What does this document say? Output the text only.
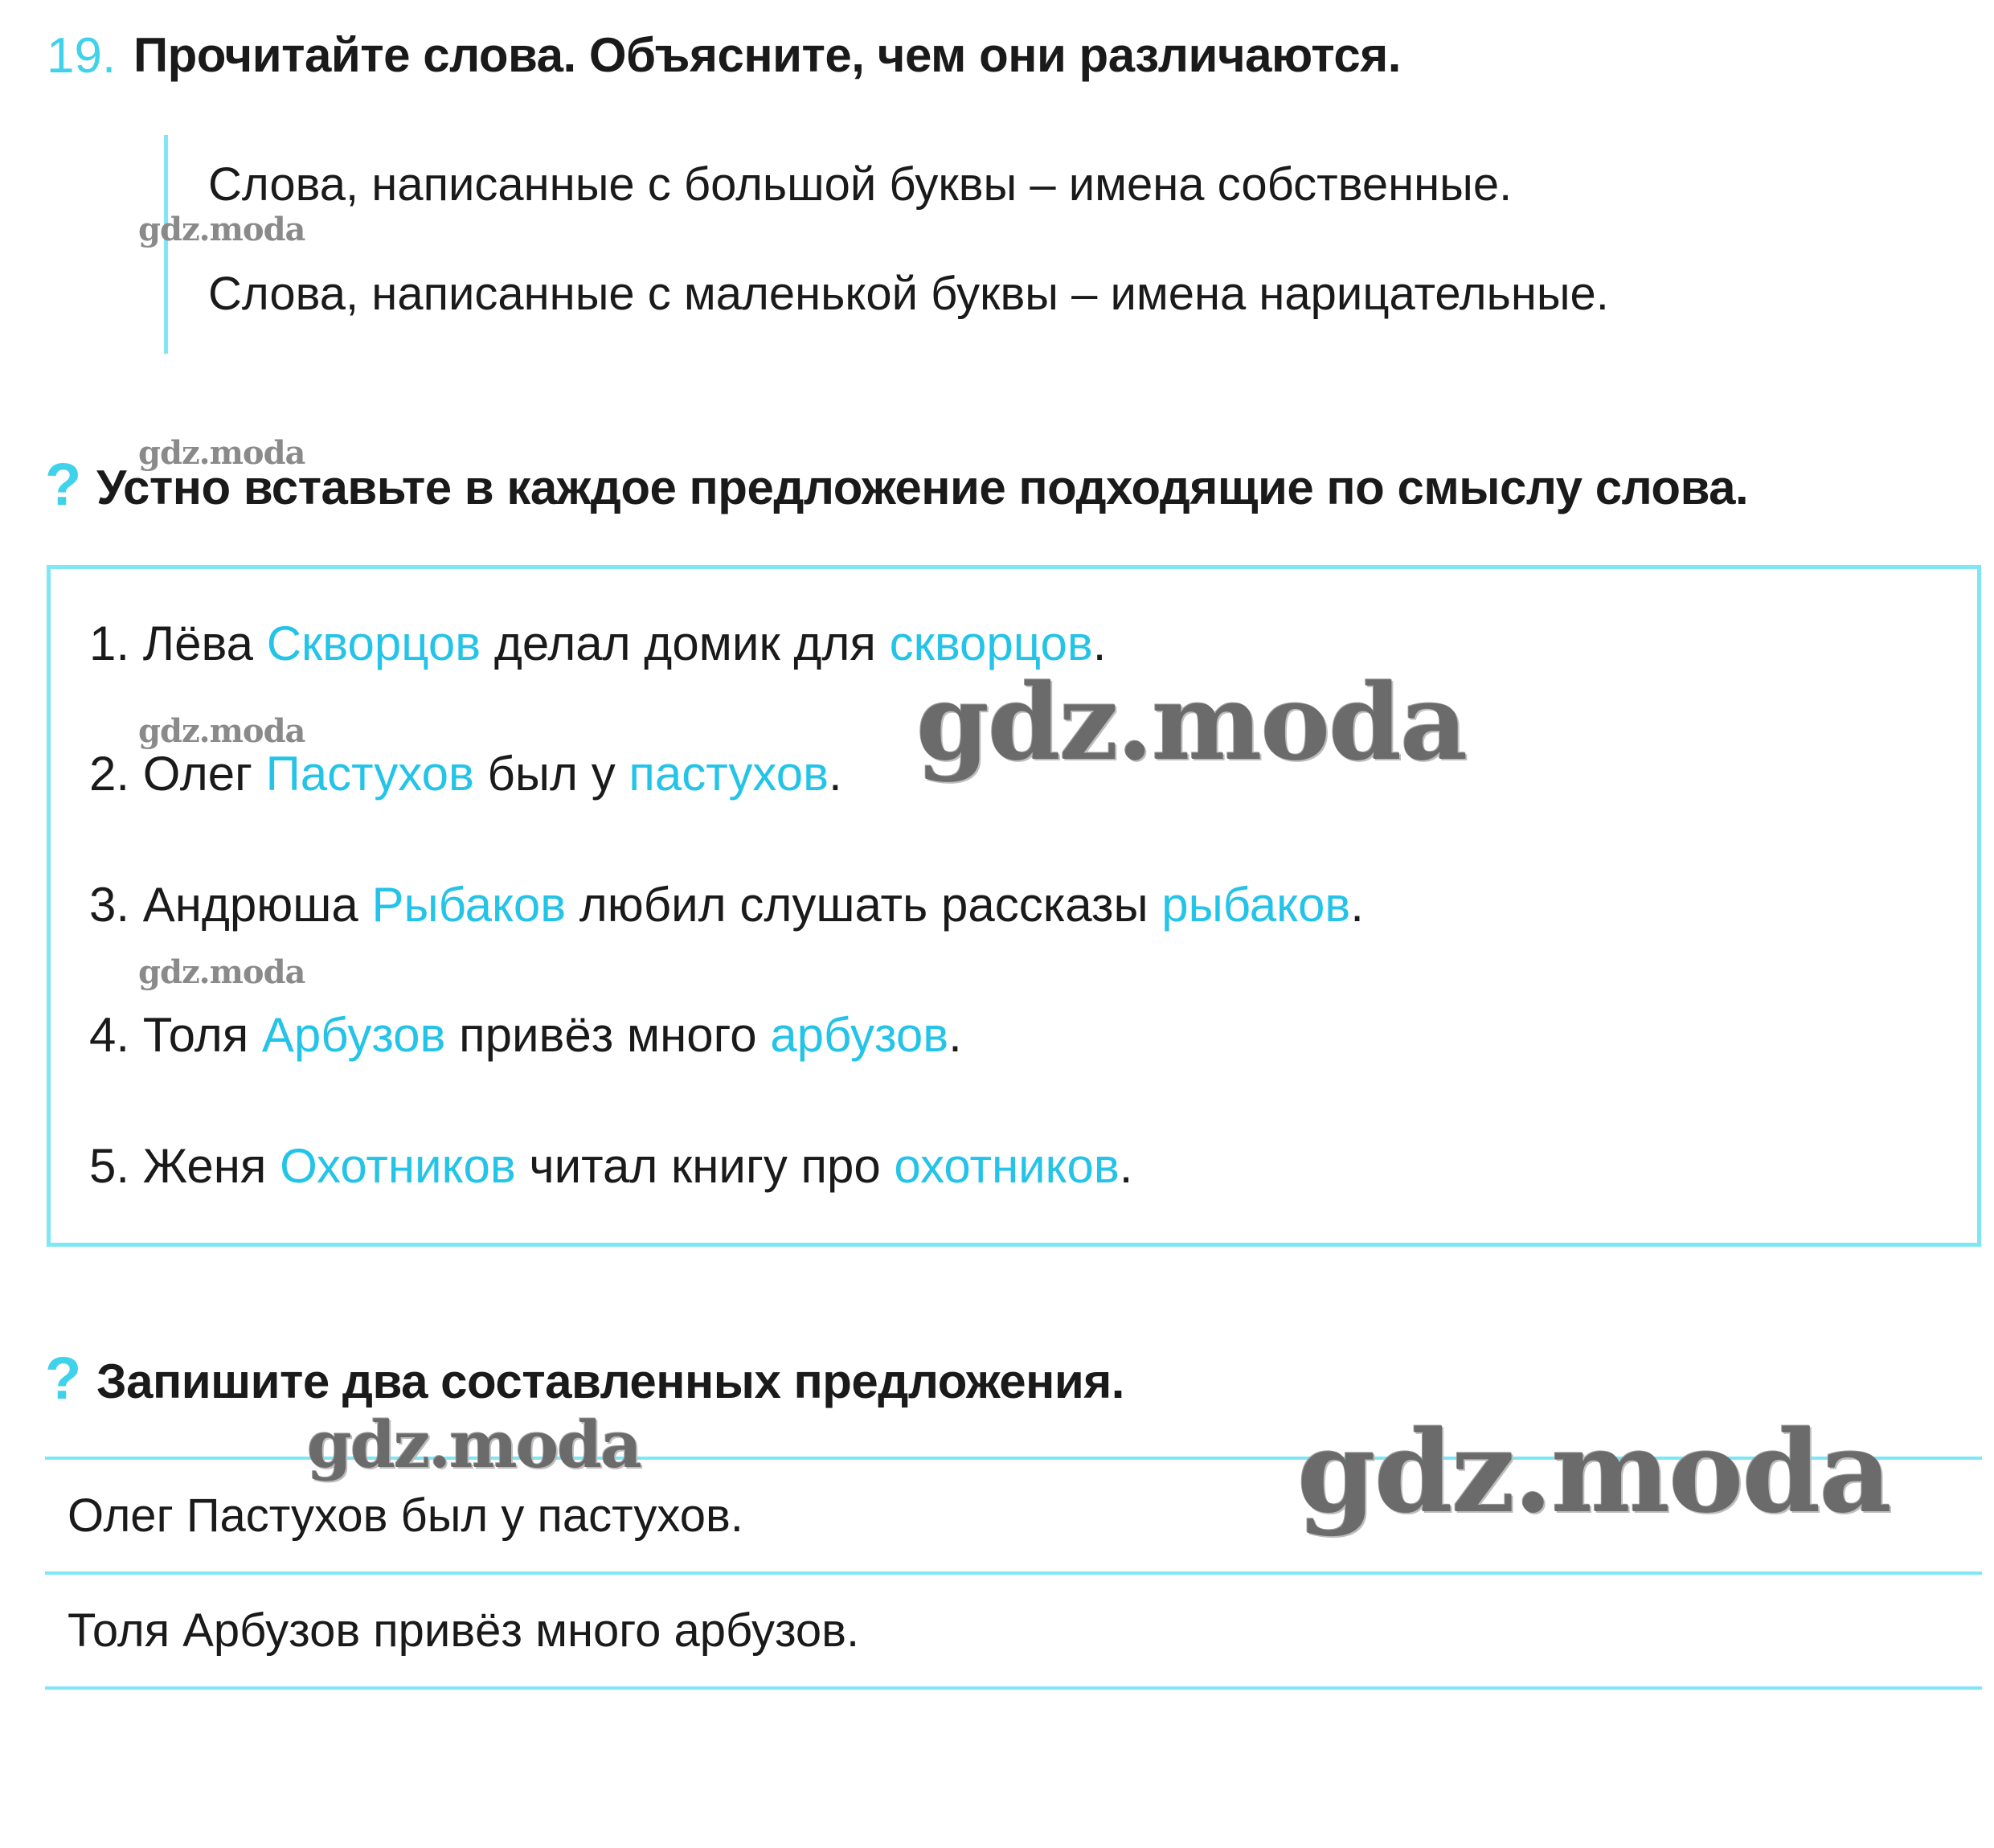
19. Прочитайте слова. Объясните, чем они различаются.
Слова, написанные с большой буквы – имена собственные.
Слова, написанные с маленькой буквы – имена нарицательные.
? Устно вставьте в каждое предложение подходящие по смыслу слова.
1. Лёва Скворцов делал домик для скворцов.
2. Олег Пастухов был у пастухов.
3. Андрюша Рыбаков любил слушать рассказы рыбаков.
4. Толя Арбузов привёз много арбузов.
5. Женя Охотников читал книгу про охотников.
? Запишите два составленных предложения.
Олег Пастухов был у пастухов.
Толя Арбузов привёз много арбузов.
gdz.moda
gdz.moda
gdz.moda
gdz.moda
gdz.moda
gdz.moda	gdz.moda
